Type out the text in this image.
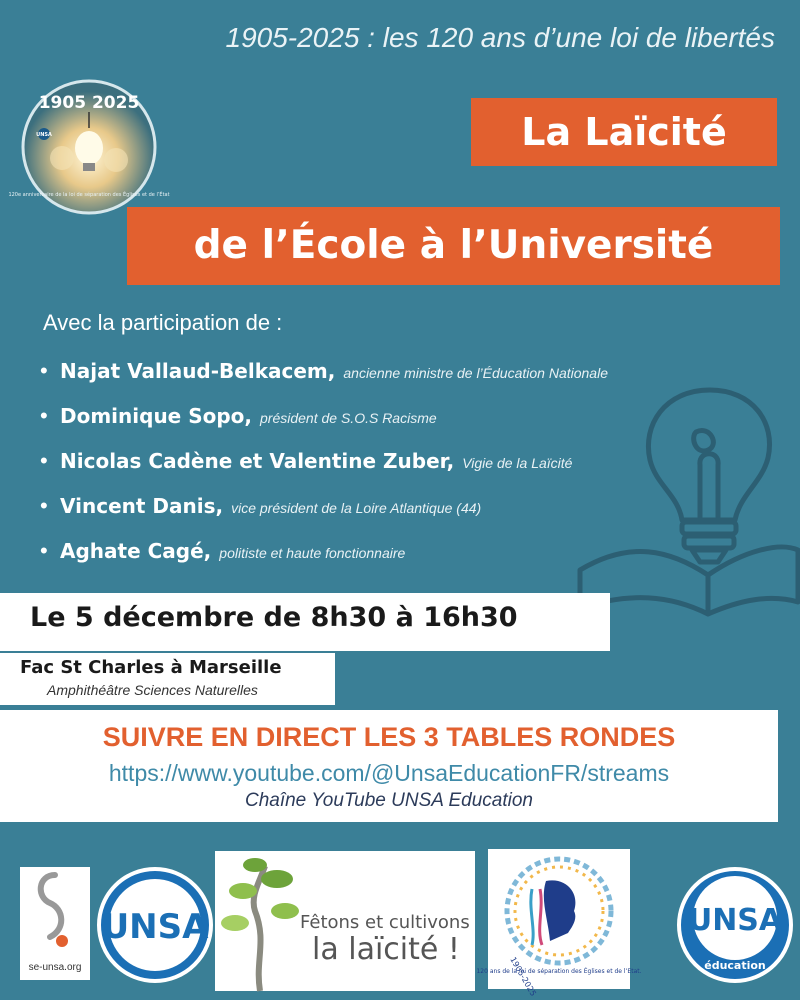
1905-2025 : les 120 ans d’une loi de libertés
1905 2025
UNSA
120e anniversaire de la loi de séparation des Églises et de l’État
La Laïcité
de l’École à l’Université
Avec la participation de :
• Najat Vallaud-Belkacem, ancienne ministre de l’Éducation Nationale
• Dominique Sopo, président de S.O.S Racisme
• Nicolas Cadène et Valentine Zuber, Vigie de la Laïcité
• Vincent Danis, vice président de la Loire Atlantique (44)
• Aghate Cagé, politiste et haute fonctionnaire
Le 5 décembre de 8h30 à 16h30
Fac St Charles à Marseille
Amphithéâtre Sciences Naturelles
SUIVRE EN DIRECT LES 3 TABLES RONDES
https://www.youtube.com/@UnsaEducationFR/streams
Chaîne YouTube UNSA Education
se-unsa.org
UNSA	Fêtons et cultivons
la laïcité !
120 ans de la loi de séparation des Églises et de l’Etat.
1905-2025
UNSA
éducation
